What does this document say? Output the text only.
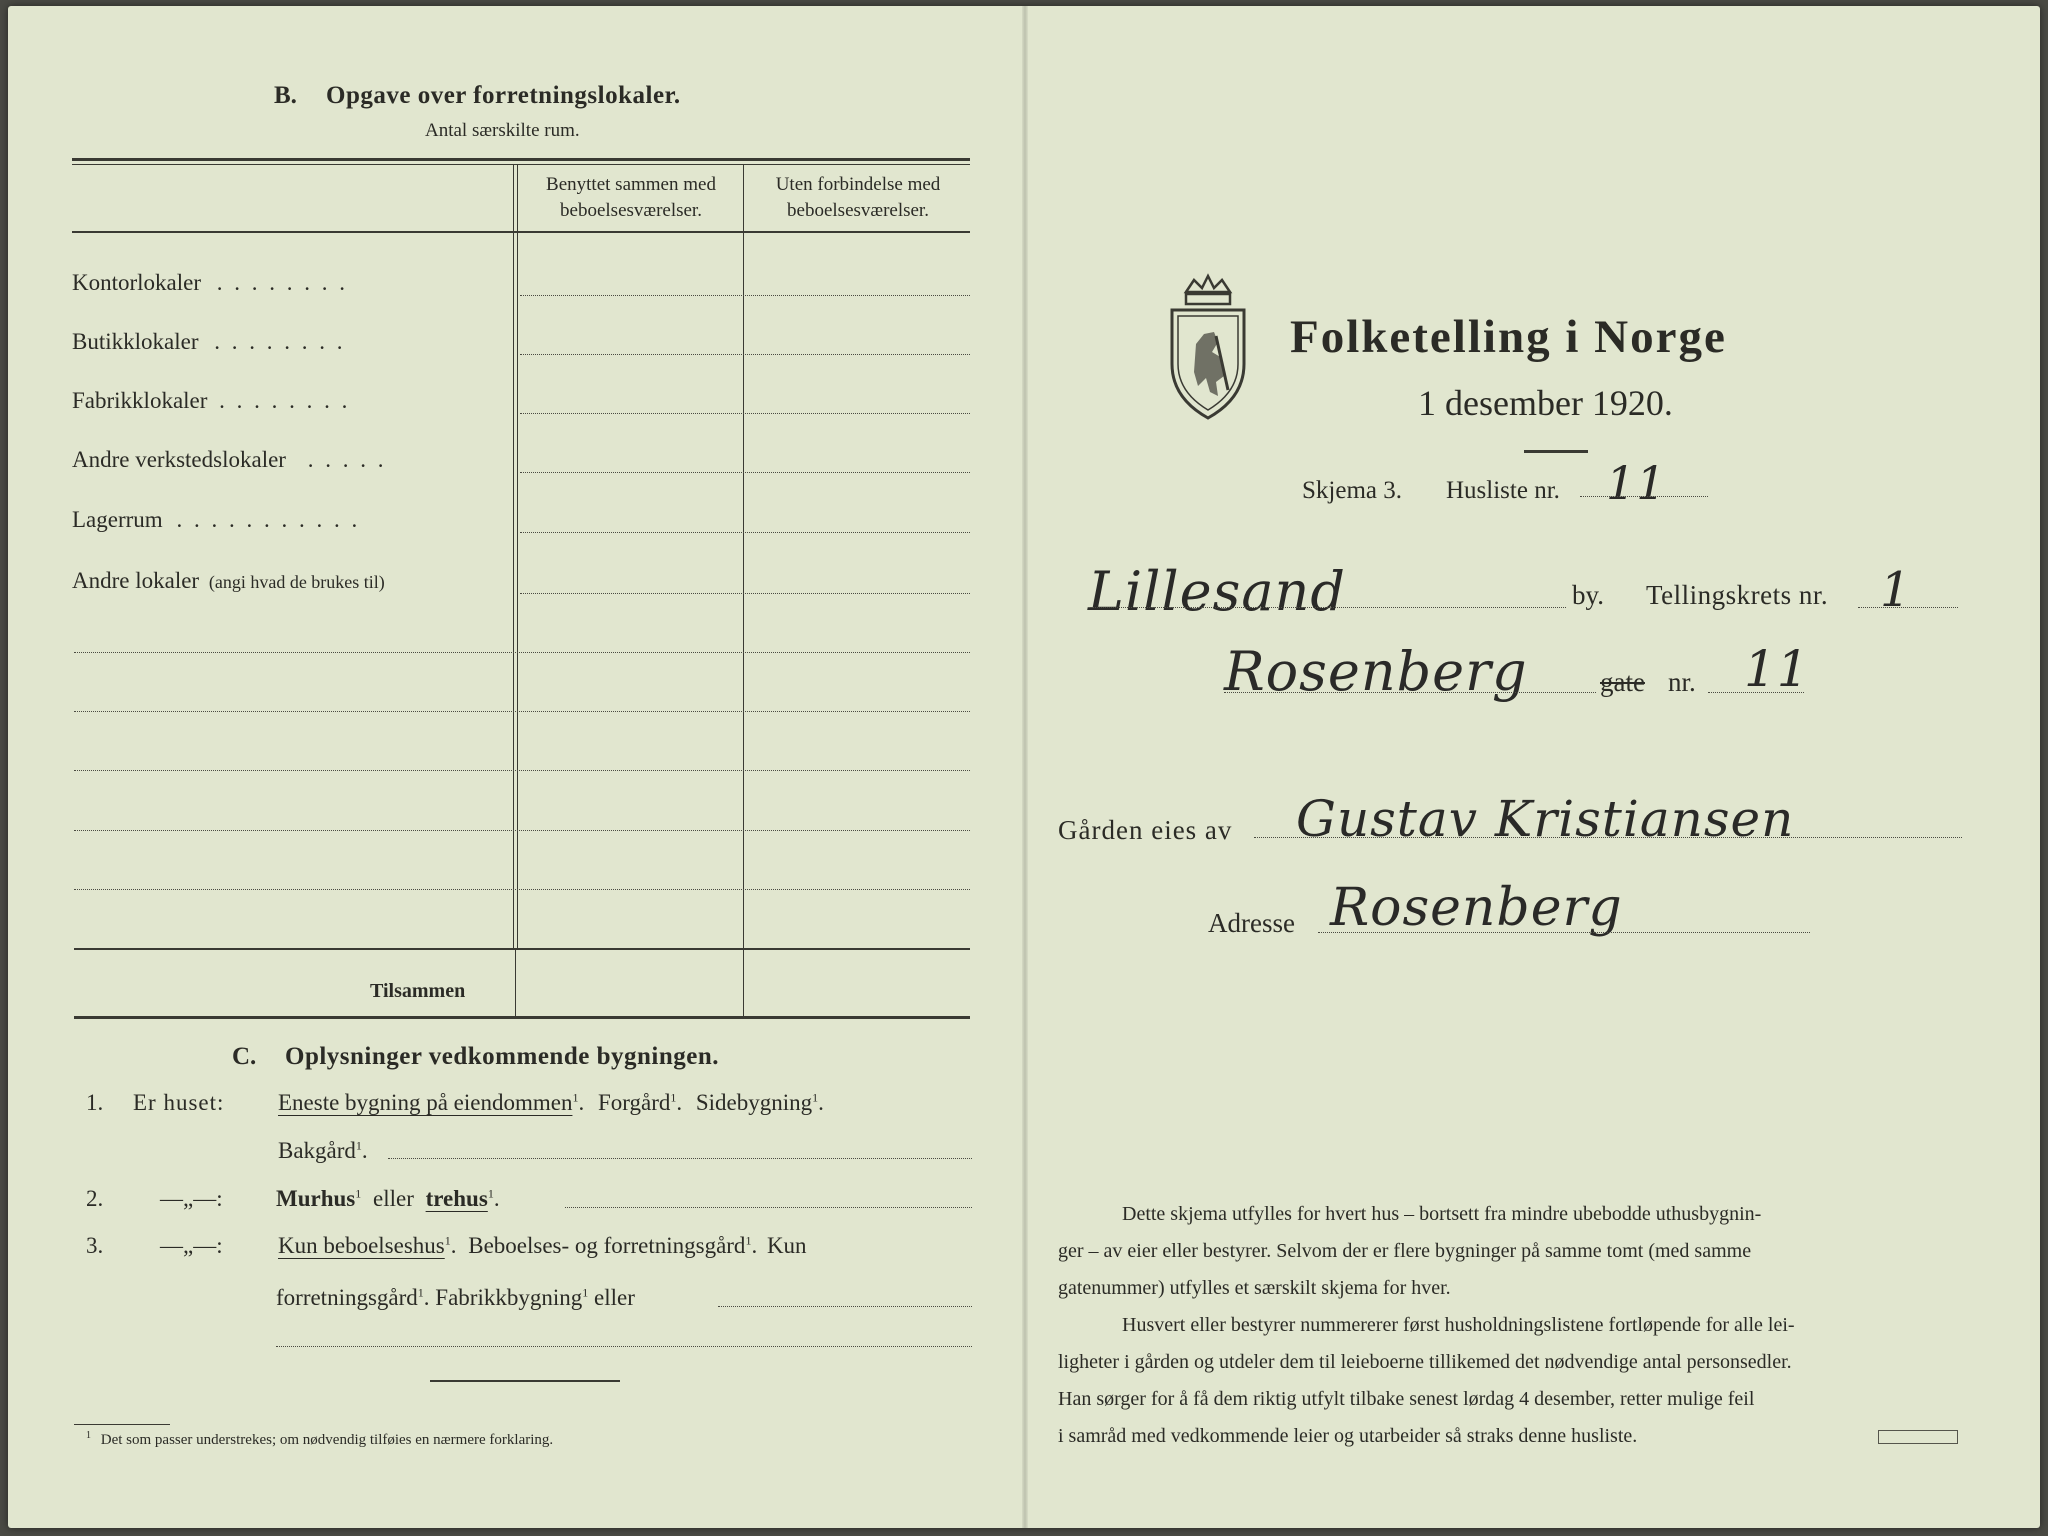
B. Opgave over forretningslokaler.
Antal særskilte rum.
Benyttet sammen med
beboelsesværelser.
Uten forbindelse med
beboelsesværelser.
Kontorlokaler . . . . . . . .
Butikklokaler . . . . . . . .
Fabrikklokaler . . . . . . . .
Andre verkstedslokaler . . . . .
Lagerrum . . . . . . . . . . .
Andre lokaler (angi hvad de brukes til)
Tilsammen
C. Oplysninger vedkommende bygningen.
1. Er huset: Eneste bygning på eiendommen$^1$. Forgård$^1$. Sidebygning$^1$.
Bakgård$^1$.
2. —„—: Murhus$^1$ eller trehus$^1$.
3. —„—: Kun beboelseshus$^1$. Beboelses- og forretningsgård$^1$. Kun
forretningsgård$^1$. Fabrikkbygning$^1$ eller
$^1$ Det som passer understrekes; om nødvendig tilføies en nærmere forklaring.
Folketelling i Norge
1 desember 1920.
Skjema 3. Husliste nr. 11
Lillesand	by. Tellingskrets nr. 1
Rosenberg	gate nr. 11
Gården eies av Gustav Kristiansen
Adresse Rosenberg
Dette skjema utfylles for hvert hus – bortsett fra mindre ubebodde uthusbygnin-
ger – av eier eller bestyrer. Selvom der er flere bygninger på samme tomt (med samme
gatenummer) utfylles et særskilt skjema for hver.
Husvert eller bestyrer nummererer først husholdningslistene fortløpende for alle lei-
ligheter i gården og utdeler dem til leieboerne tillikemed det nødvendige antal personsedler.
Han sørger for å få dem riktig utfylt tilbake senest lørdag 4 desember, retter mulige feil
i samråd med vedkommende leier og utarbeider så straks denne husliste.
